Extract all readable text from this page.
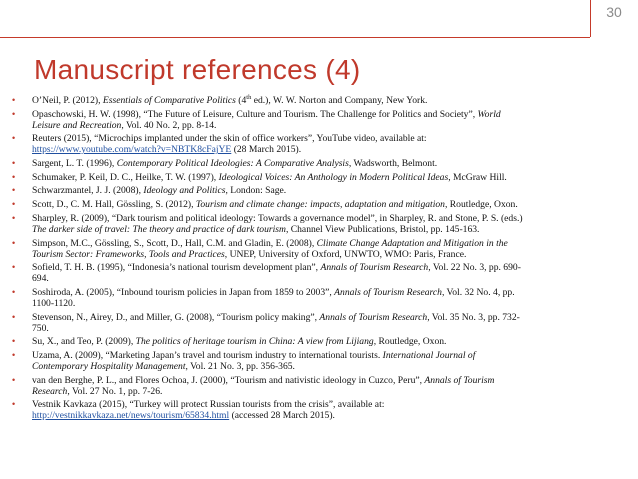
30
Manuscript references (4)
• O’Neil, P. (2012), Essentials of Comparative Politics (4th ed.), W. W. Norton and Company, New York.
• Opaschowski, H. W. (1998), “The Future of Leisure, Culture and Tourism. The Challenge for Politics and Society”, World
Leisure and Recreation, Vol. 40 No. 2, pp. 8-14.
• Reuters (2015), “Microchips implanted under the skin of office workers”, YouTube video, available at:
https://www.youtube.com/watch?v=NBTK8cFajYE (28 March 2015).
• Sargent, L. T. (1996), Contemporary Political Ideologies: A Comparative Analysis, Wadsworth, Belmont.
• Schumaker, P. Keil, D. C., Heilke, T. W. (1997), Ideological Voices: An Anthology in Modern Political Ideas, McGraw Hill.
• Schwarzmantel, J. J. (2008), Ideology and Politics, London: Sage.
• Scott, D., C. M. Hall, Gössling, S. (2012), Tourism and climate change: impacts, adaptation and mitigation, Routledge, Oxon.
• Sharpley, R. (2009), “Dark tourism and political ideology: Towards a governance model”, in Sharpley, R. and Stone, P. S. (eds.)
The darker side of travel: The theory and practice of dark tourism, Channel View Publications, Bristol, pp. 145-163.
• Simpson, M.C., Gössling, S., Scott, D., Hall, C.M. and Gladin, E. (2008), Climate Change Adaptation and Mitigation in the
Tourism Sector: Frameworks, Tools and Practices, UNEP, University of Oxford, UNWTO, WMO: Paris, France.
• Sofield, T. H. B. (1995), “Indonesia’s national tourism development plan”, Annals of Tourism Research, Vol. 22 No. 3, pp. 690-
694.
• Soshiroda, A. (2005), “Inbound tourism policies in Japan from 1859 to 2003”, Annals of Tourism Research, Vol. 32 No. 4, pp.
1100-1120.
• Stevenson, N., Airey, D., and Miller, G. (2008), “Tourism policy making”, Annals of Tourism Research, Vol. 35 No. 3, pp. 732-
750.
• Su, X., and Teo, P. (2009), The politics of heritage tourism in China: A view from Lijiang, Routledge, Oxon.
• Uzama, A. (2009), “Marketing Japan’s travel and tourism industry to international tourists. International Journal of
Contemporary Hospitality Management, Vol. 21 No. 3, pp. 356-365.
• van den Berghe, P. L., and Flores Ochoa, J. (2000), “Tourism and nativistic ideology in Cuzco, Peru”, Annals of Tourism
Research, Vol. 27 No. 1, pp. 7-26.
• Vestnik Kavkaza (2015), “Turkey will protect Russian tourists from the crisis”, available at:
http://vestnikkavkaza.net/news/tourism/65834.html (accessed 28 March 2015).
